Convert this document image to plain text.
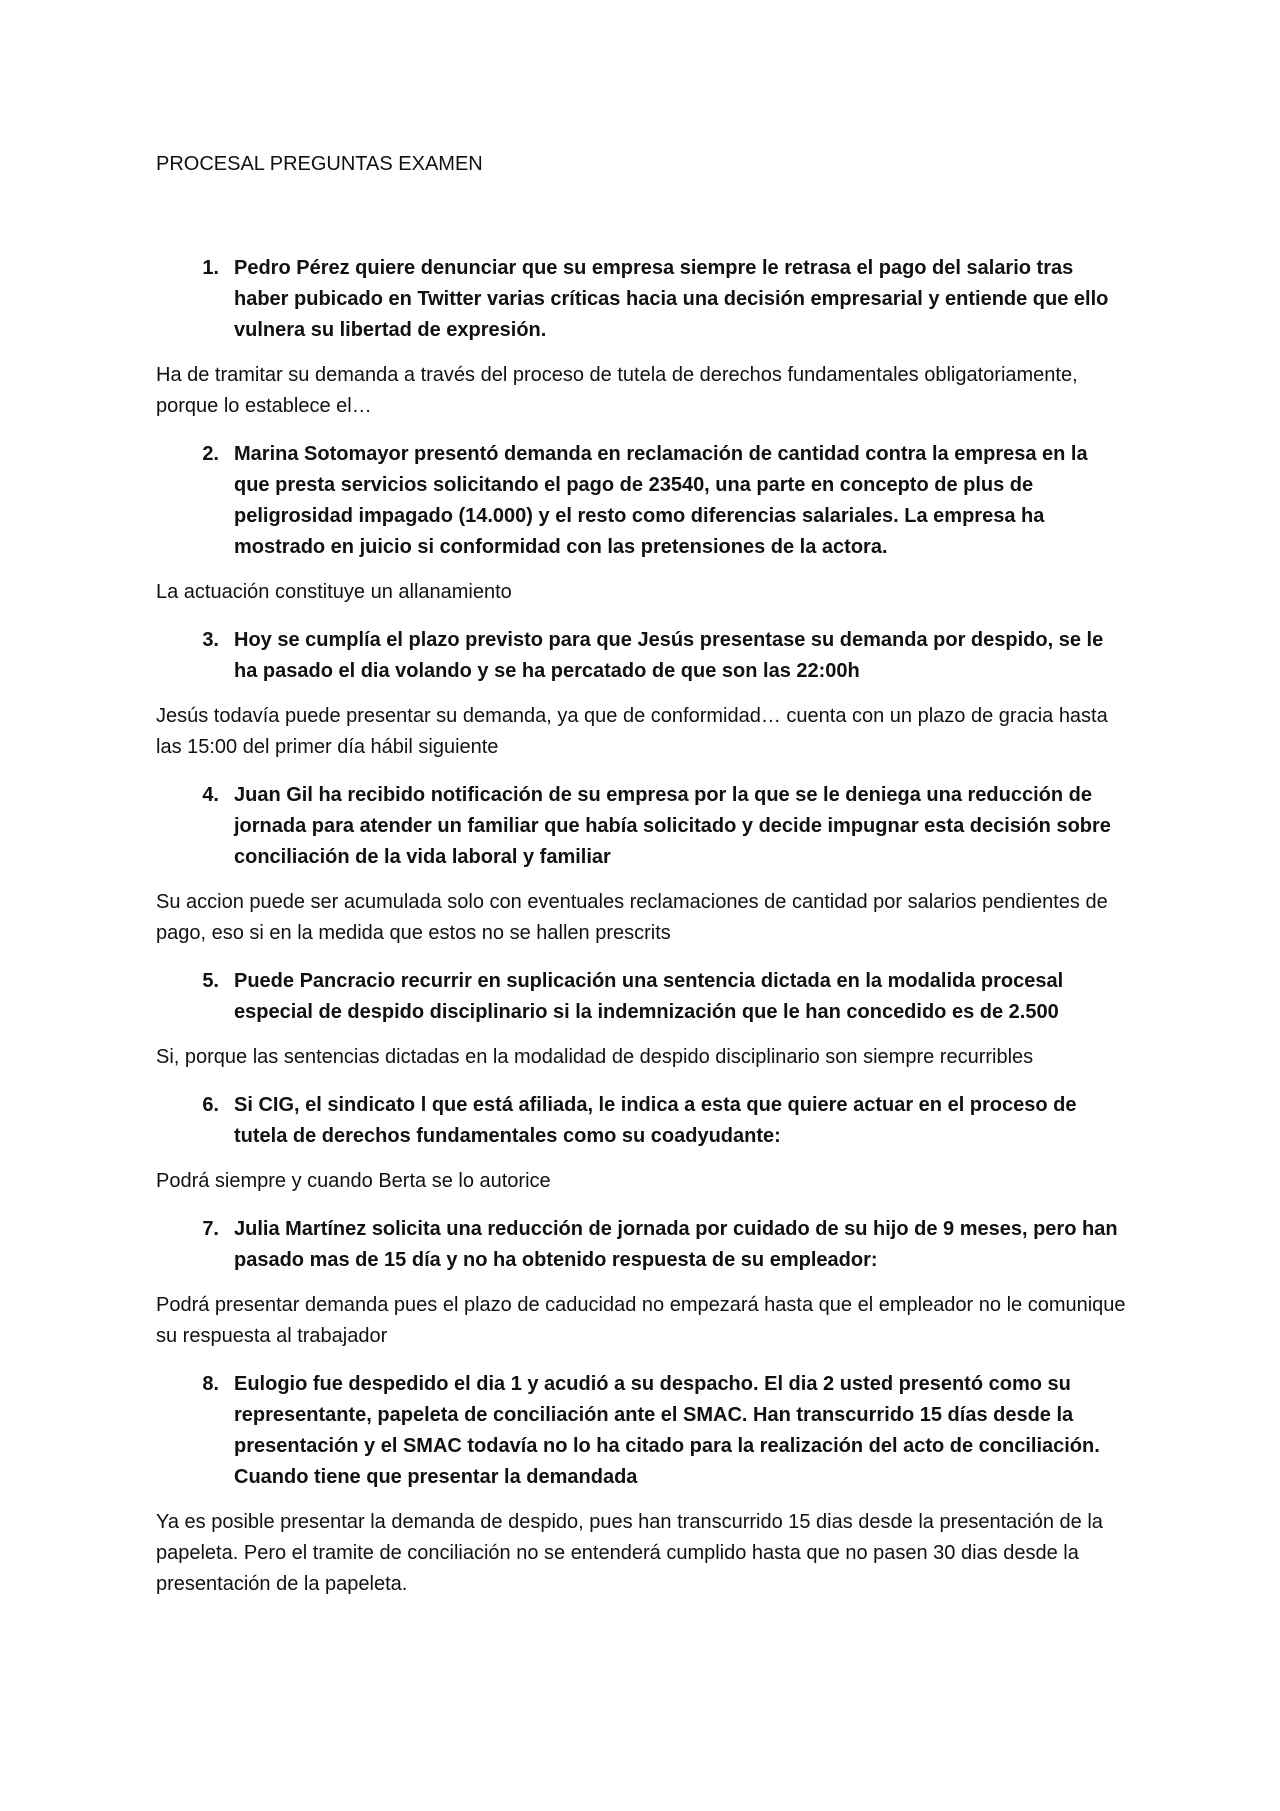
PROCESAL PREGUNTAS EXAMEN
1. Pedro Pérez quiere denunciar que su empresa siempre le retrasa el pago del salario tras haber pubicado en Twitter varias críticas hacia una decisión empresarial y entiende que ello vulnera su libertad de expresión.
Ha de tramitar su demanda a través del proceso de tutela de derechos fundamentales obligatoriamente, porque lo establece el…
2. Marina Sotomayor presentó demanda en reclamación de cantidad contra la empresa en la que presta servicios solicitando el pago de 23540, una parte en concepto de plus de peligrosidad impagado (14.000) y el resto como diferencias salariales. La empresa ha mostrado en juicio si conformidad con las pretensiones de la actora.
La actuación constituye un allanamiento
3. Hoy se cumplía el plazo previsto para que Jesús presentase su demanda por despido, se le ha pasado el dia volando y se ha percatado de que son las 22:00h
Jesús todavía puede presentar su demanda, ya que de conformidad… cuenta con un plazo de gracia hasta las 15:00 del primer día hábil siguiente
4. Juan Gil ha recibido notificación de su empresa por la que se le deniega una reducción de jornada para atender un familiar que había solicitado y decide impugnar esta decisión sobre conciliación de la vida laboral y familiar
Su accion puede ser acumulada solo con eventuales reclamaciones de cantidad por salarios pendientes de pago, eso si en la medida que estos no se hallen prescrits
5. Puede Pancracio recurrir en suplicación una sentencia dictada en la modalida procesal especial de despido disciplinario si la indemnización que le han concedido es de 2.500
Si, porque las sentencias dictadas en la modalidad de despido disciplinario son siempre recurribles
6. Si CIG, el sindicato l que está afiliada, le indica a esta que quiere actuar en el proceso de tutela de derechos fundamentales como su coadyudante:
Podrá siempre y cuando Berta se lo autorice
7. Julia Martínez solicita una reducción de jornada por cuidado de su hijo de 9 meses, pero han pasado mas de 15 día y no ha obtenido respuesta de su empleador:
Podrá presentar demanda pues el plazo de caducidad no empezará hasta que el empleador no le comunique su respuesta al trabajador
8. Eulogio fue despedido el dia 1 y acudió a su despacho. El dia 2 usted presentó como su representante, papeleta de conciliación ante el SMAC. Han transcurrido 15 días desde la presentación y el SMAC todavía no lo ha citado para la realización del acto de conciliación. Cuando tiene que presentar la demandada
Ya es posible presentar la demanda de despido, pues han transcurrido 15 dias desde la presentación de la papeleta. Pero el tramite de conciliación no se entenderá cumplido hasta que no pasen 30 dias desde la presentación de la papeleta.
